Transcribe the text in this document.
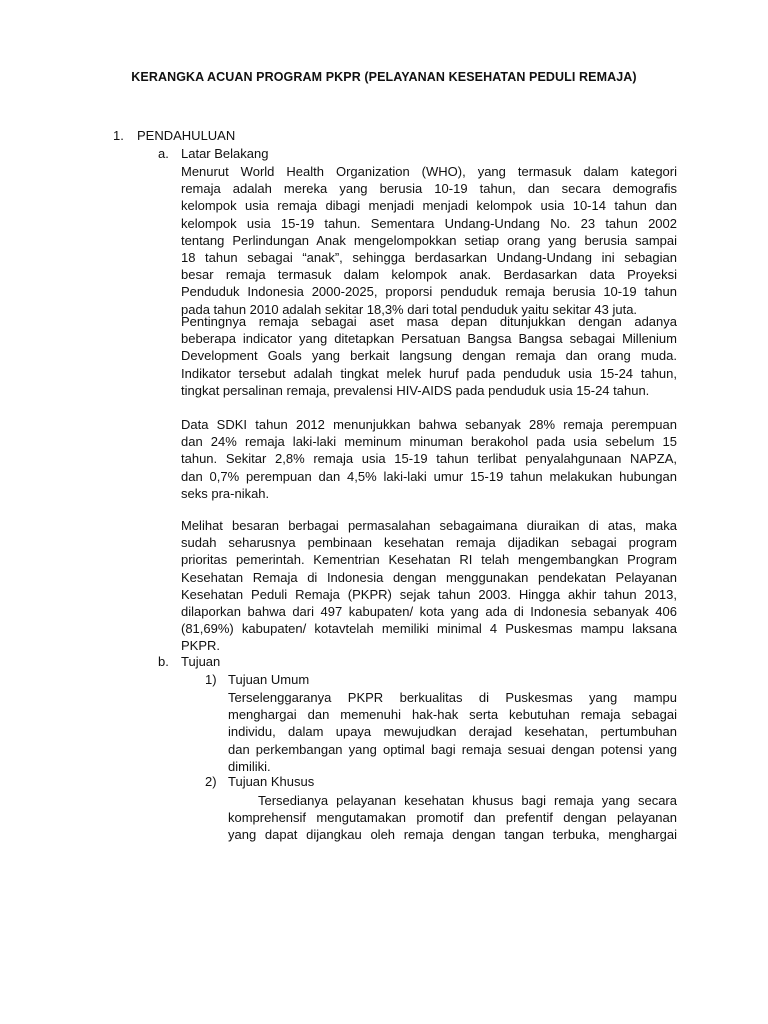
KERANGKA ACUAN PROGRAM PKPR (PELAYANAN KESEHATAN PEDULI REMAJA)
1. PENDAHULUAN
a. Latar Belakang
Menurut World Health Organization (WHO), yang termasuk dalam kategori
remaja adalah mereka yang berusia 10-19 tahun, dan secara demografis
kelompok usia remaja dibagi menjadi menjadi kelompok usia 10-14 tahun dan
kelompok usia 15-19 tahun. Sementara Undang-Undang No. 23 tahun 2002
tentang Perlindungan Anak mengelompokkan setiap orang yang berusia sampai
18 tahun sebagai “anak”, sehingga berdasarkan Undang-Undang ini sebagian
besar remaja termasuk dalam kelompok anak. Berdasarkan data Proyeksi
Penduduk Indonesia 2000-2025, proporsi penduduk remaja berusia 10-19 tahun
pada tahun 2010 adalah sekitar 18,3% dari total penduduk yaitu sekitar 43 juta.
Pentingnya remaja sebagai aset masa depan ditunjukkan dengan adanya
beberapa indicator yang ditetapkan Persatuan Bangsa Bangsa sebagai Millenium
Development Goals yang berkait langsung dengan remaja dan orang muda.
Indikator tersebut adalah tingkat melek huruf pada penduduk usia 15-24 tahun,
tingkat persalinan remaja, prevalensi HIV-AIDS pada penduduk usia 15-24 tahun.
Data SDKI tahun 2012 menunjukkan bahwa sebanyak 28% remaja perempuan
dan 24% remaja laki-laki meminum minuman berakohol pada usia sebelum 15
tahun. Sekitar 2,8% remaja usia 15-19 tahun terlibat penyalahgunaan NAPZA,
dan 0,7% perempuan dan 4,5% laki-laki umur 15-19 tahun melakukan hubungan
seks pra-nikah.
Melihat besaran berbagai permasalahan sebagaimana diuraikan di atas, maka
sudah seharusnya pembinaan kesehatan remaja dijadikan sebagai program
prioritas pemerintah. Kementrian Kesehatan RI telah mengembangkan Program
Kesehatan Remaja di Indonesia dengan menggunakan pendekatan Pelayanan
Kesehatan Peduli Remaja (PKPR) sejak tahun 2003. Hingga akhir tahun 2013,
dilaporkan bahwa dari 497 kabupaten/ kota yang ada di Indonesia sebanyak 406
(81,69%) kabupaten/ kotavtelah memiliki minimal 4 Puskesmas mampu laksana
PKPR.
b. Tujuan
1) Tujuan Umum
Terselenggaranya PKPR berkualitas di Puskesmas yang mampu
menghargai dan memenuhi hak-hak serta kebutuhan remaja sebagai
individu, dalam upaya mewujudkan derajad kesehatan, pertumbuhan
dan perkembangan yang optimal bagi remaja sesuai dengan potensi yang
dimiliki.
2) Tujuan Khusus
Tersedianya pelayanan kesehatan khusus bagi remaja yang secara
komprehensif mengutamakan promotif dan prefentif dengan pelayanan
yang dapat dijangkau oleh remaja dengan tangan terbuka, menghargai
